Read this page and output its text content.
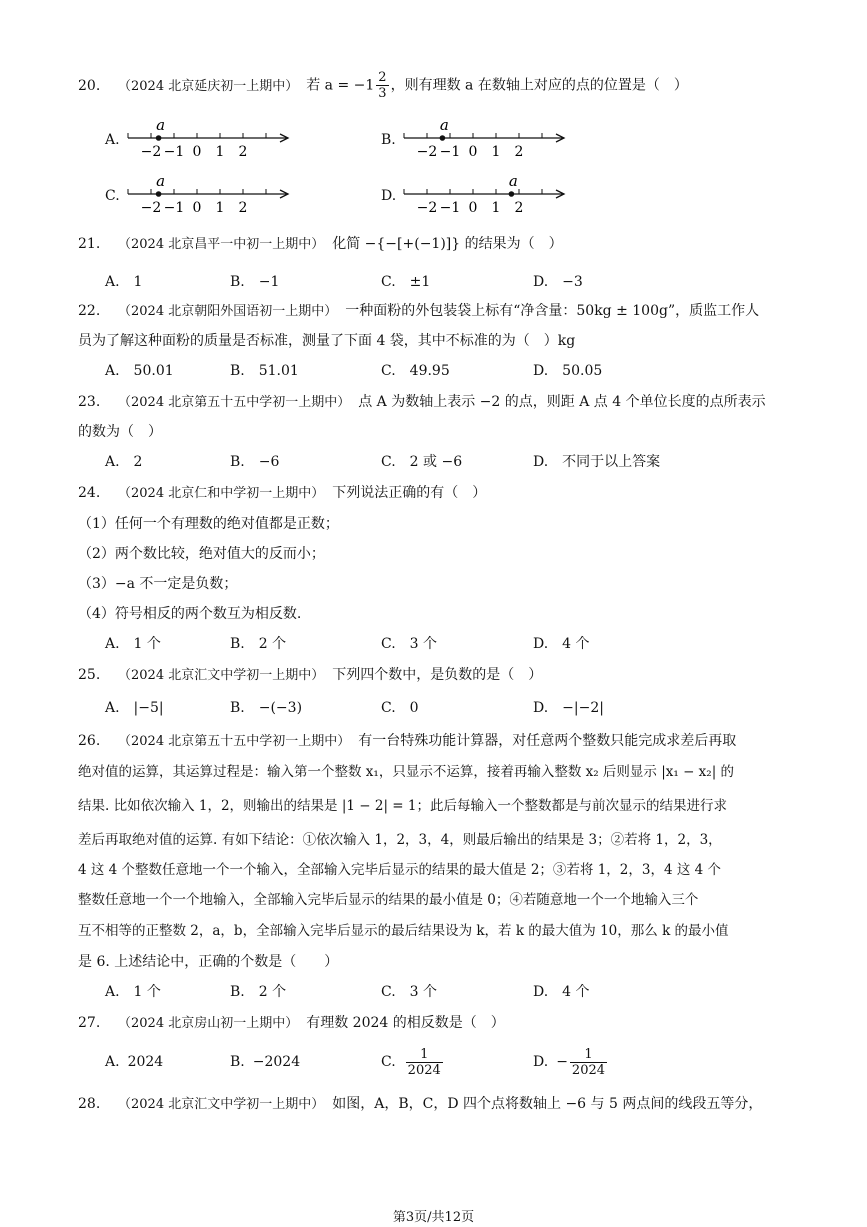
20. （2024 北京延庆初一上期中） 若 $a = -1 \frac{2}{3}$ ，则有理数 a 在数轴上对应的点的位置是（　）
A.	B.
C.	D.
−2 −1 0 1 2
a
−2 −1 0 1 2
a
−2 −1 0 1 2
a
−2 −1 0 1 2
a
21. （2024 北京昌平一中初一上期中） 化简 −{−[+(−1)]} 的结果为（　）
A.　1	B.　−1	C.　±1	D.　−3
22. （2024 北京朝阳外国语初一上期中） 一种面粉的外包装袋上标有“净含量：50kg ± 100g”，质监工作人
员为了解这种面粉的质量是否标准，测量了下面 4 袋，其中不标准的为（　）kg
A.　50.01	B.　51.01	C.　49.95	D.　50.05
23. （2024 北京第五十五中学初一上期中） 点 A 为数轴上表示 −2 的点，则距 A 点 4 个单位长度的点所表示
的数为（　）
A.　2	B.　−6	C.　2 或 −6	D.　不同于以上答案
24. （2024 北京仁和中学初一上期中） 下列说法正确的有（　）
（1）任何一个有理数的绝对值都是正数；
（2）两个数比较，绝对值大的反而小；
（3）−a 不一定是负数；
（4）符号相反的两个数互为相反数.
A.　1 个	B.　2 个	C.　3 个	D.　4 个
25. （2024 北京汇文中学初一上期中） 下列四个数中，是负数的是（　）
A.　|−5|	B.　−(−3)	C.　0	D.　−|−2|
26. （2024 北京第五十五中学初一上期中） 有一台特殊功能计算器，对任意两个整数只能完成求差后再取
绝对值的运算，其运算过程是：输入第一个整数 x₁，只显示不运算，接着再输入整数 x₂ 后则显示 |x₁ − x₂| 的
结果. 比如依次输入 1，2，则输出的结果是 |1 − 2| = 1；此后每输入一个整数都是与前次显示的结果进行求
差后再取绝对值的运算. 有如下结论：①依次输入 1，2，3，4，则最后输出的结果是 3；②若将 1，2，3，
4 这 4 个整数任意地一个一个输入，全部输入完毕后显示的结果的最大值是 2；③若将 1，2，3，4 这 4 个
整数任意地一个一个地输入，全部输入完毕后显示的结果的最小值是 0；④若随意地一个一个地输入三个
互不相等的正整数 2，a，b，全部输入完毕后显示的最后结果设为 k，若 k 的最大值为 10，那么 k 的最小值
是 6. 上述结论中，正确的个数是（　　）
A.　1 个	B.　2 个	C.　3 个	D.　4 个
27. （2024 北京房山初一上期中） 有理数 2024 的相反数是（　）
A. 2024	B. −2024	C. $\frac{1}{2024}$	D. − $\frac{1}{2024}$
28. （2024 北京汇文中学初一上期中） 如图，A，B，C，D 四个点将数轴上 −6 与 5 两点间的线段五等分，
第3页/共12页
